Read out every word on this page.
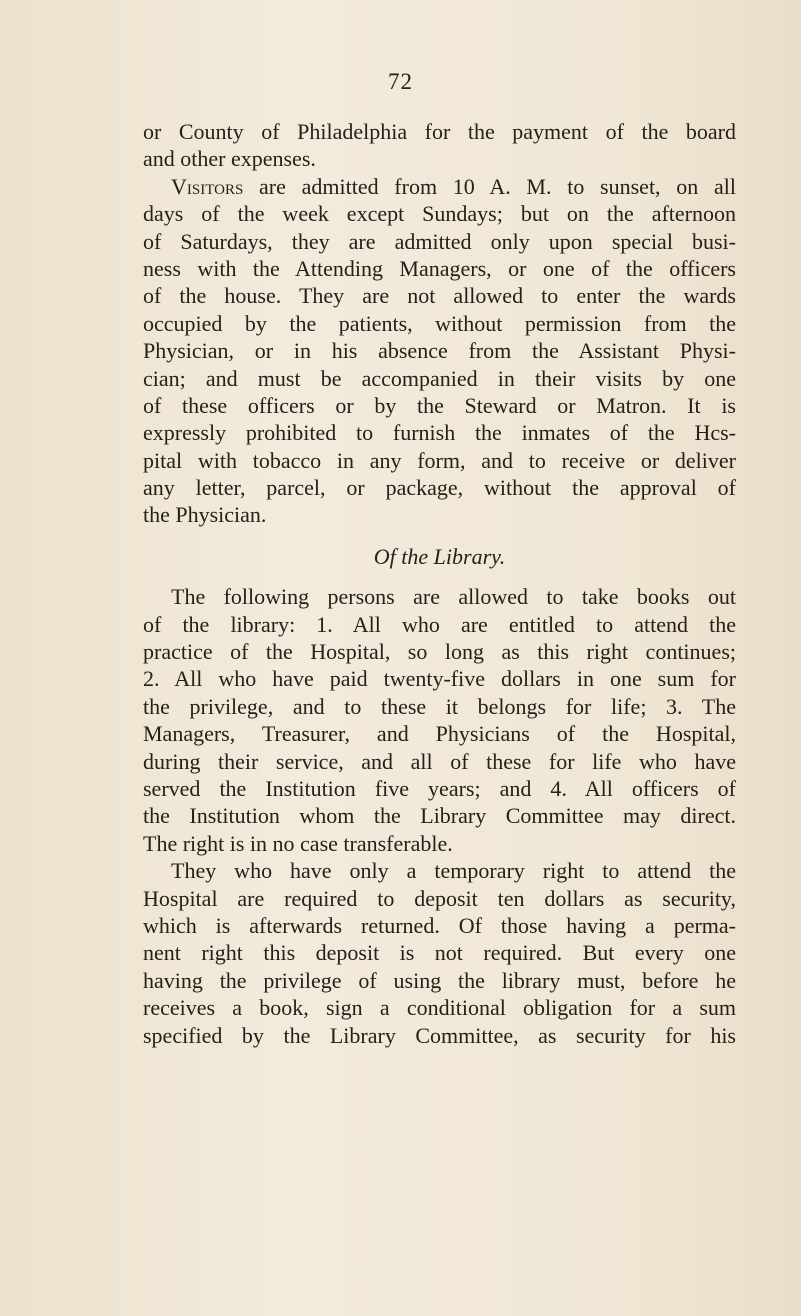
72
or County of Philadelphia for the payment of the board
and other expenses.
Visitors are admitted from 10 A. M. to sunset, on all
days of the week except Sundays; but on the afternoon
of Saturdays, they are admitted only upon special busi-
ness with the Attending Managers, or one of the officers
of the house. They are not allowed to enter the wards
occupied by the patients, without permission from the
Physician, or in his absence from the Assistant Physi-
cian; and must be accompanied in their visits by one
of these officers or by the Steward or Matron. It is
expressly prohibited to furnish the inmates of the Hcs-
pital with tobacco in any form, and to receive or deliver
any letter, parcel, or package, without the approval of
the Physician.
Of the Library.
The following persons are allowed to take books out
of the library: 1. All who are entitled to attend the
practice of the Hospital, so long as this right continues;
2. All who have paid twenty-five dollars in one sum for
the privilege, and to these it belongs for life; 3. The
Managers, Treasurer, and Physicians of the Hospital,
during their service, and all of these for life who have
served the Institution five years; and 4. All officers of
the Institution whom the Library Committee may direct.
The right is in no case transferable.
They who have only a temporary right to attend the
Hospital are required to deposit ten dollars as security,
which is afterwards returned. Of those having a perma-
nent right this deposit is not required. But every one
having the privilege of using the library must, before he
receives a book, sign a conditional obligation for a sum
specified by the Library Committee, as security for his
